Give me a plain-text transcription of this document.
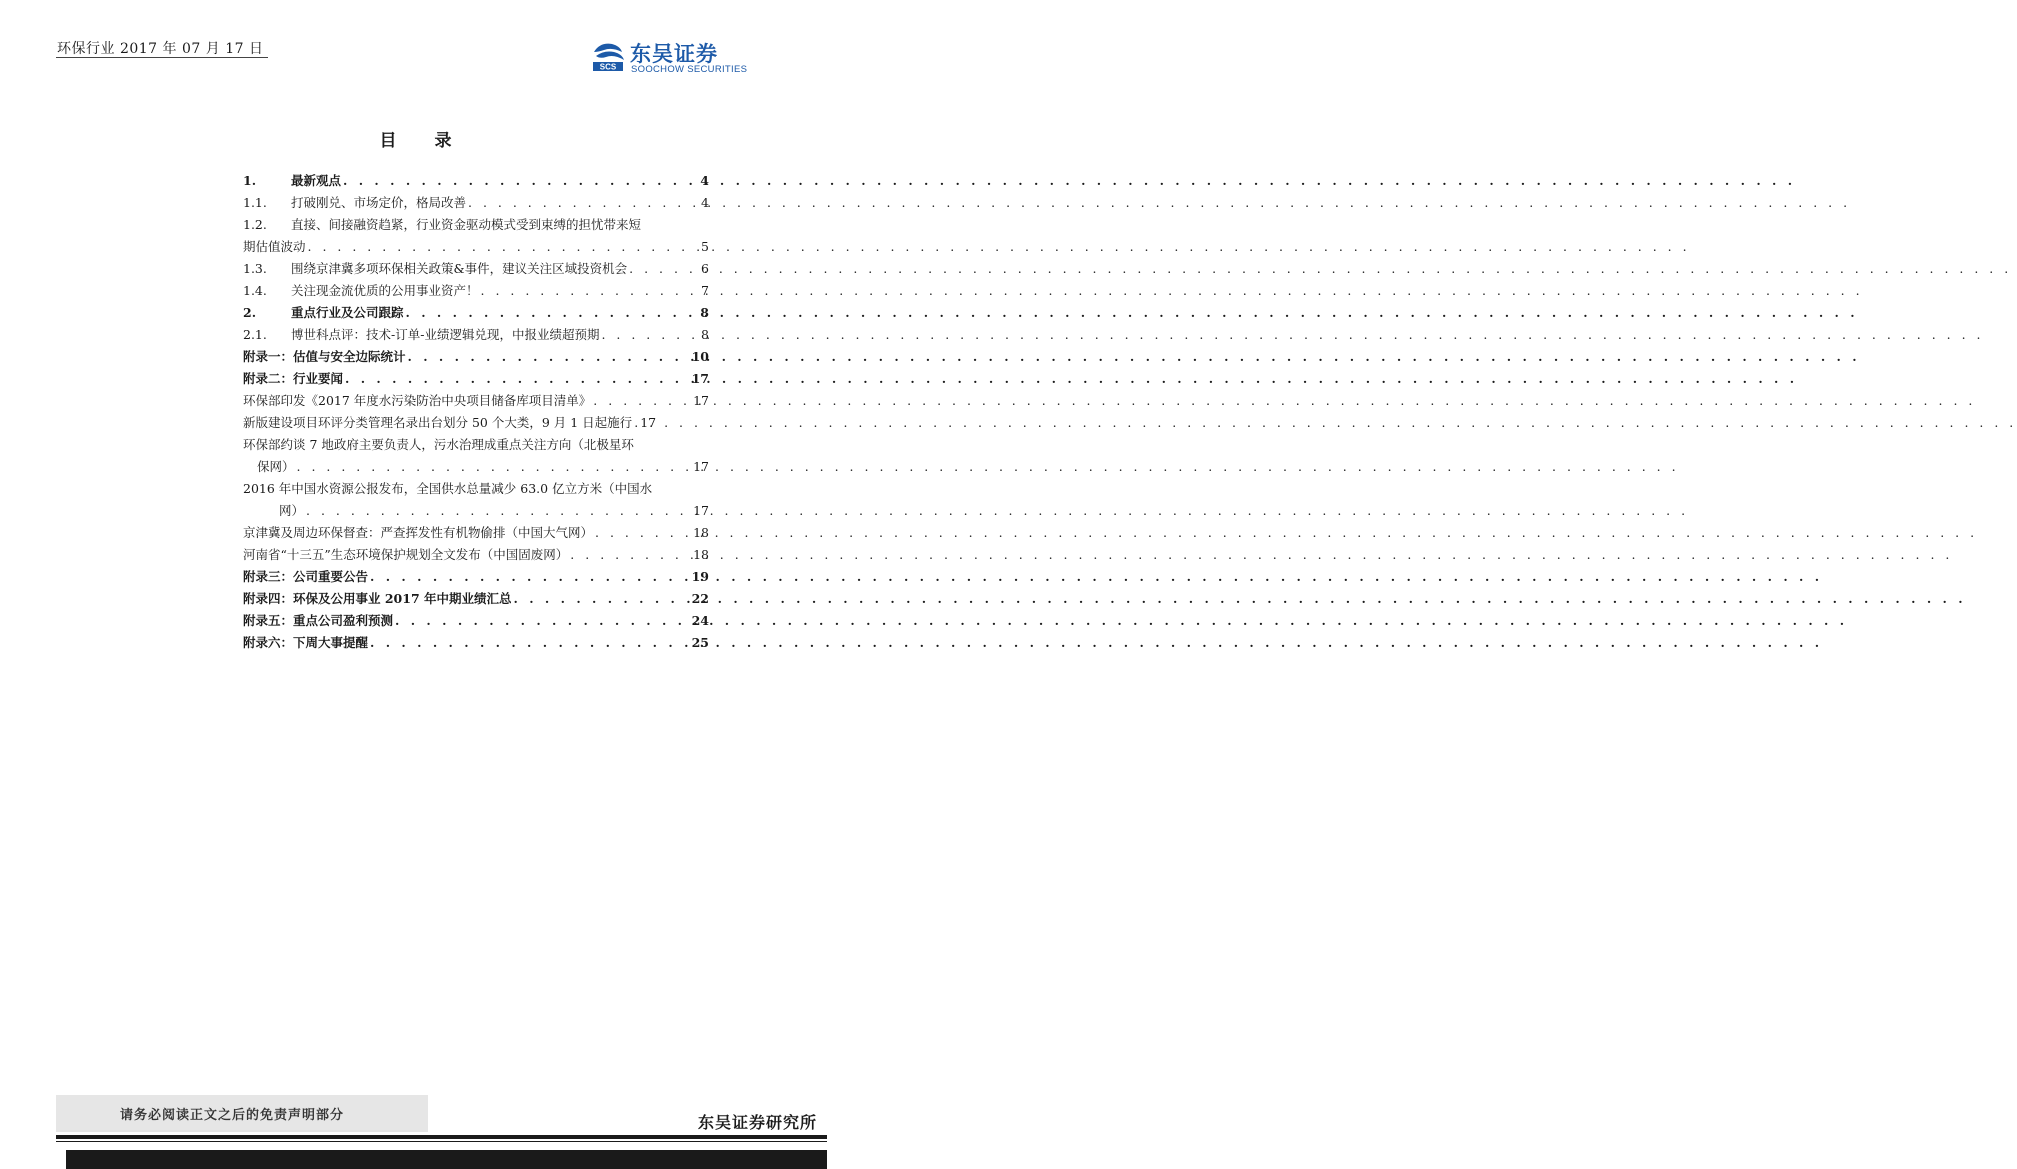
环保行业 2017 年 07 月 17 日
SCS
东吴证券
SOOCHOW SECURITIES
目 录
1.	最新观点 . . .	4
1.1.	打破刚兑、市场定价，格局改善 . . .	4
1.2.	直接、间接融资趋紧，行业资金驱动模式受到束缚的担忧带来短
期估值波动 . . .	5
1.3.	围绕京津冀多项环保相关政策&事件，建议关注区域投资机会 . . .	6
1.4.	关注现金流优质的公用事业资产！ . . .	7
2.	重点行业及公司跟踪 . . .	8
2.1.	博世科点评：技术-订单-业绩逻辑兑现，中报业绩超预期 . . .	8
附录一：估值与安全边际统计 . . .	10
附录二：行业要闻 . . .	17
环保部印发《2017 年度水污染防治中央项目储备库项目清单》 . . .	17
新版建设项目环评分类管理名录出台划分 50 个大类，9 月 1 日起施行 . . . 17
环保部约谈 7 地政府主要负责人，污水治理成重点关注方向（北极星环
保网） . . .	17
2016 年中国水资源公报发布，全国供水总量减少 63.0 亿立方米（中国水
网） . . .	17
京津冀及周边环保督查：严查挥发性有机物偷排（中国大气网） . . .	18
河南省“十三五”生态环境保护规划全文发布（中国固废网） . . .	18
附录三：公司重要公告 . . .	19
附录四：环保及公用事业 2017 年中期业绩汇总 . . .	22
附录五：重点公司盈利预测 . . .	24
附录六：下周大事提醒 . . .	25
请务必阅读正文之后的免责声明部分	东吴证券研究所
